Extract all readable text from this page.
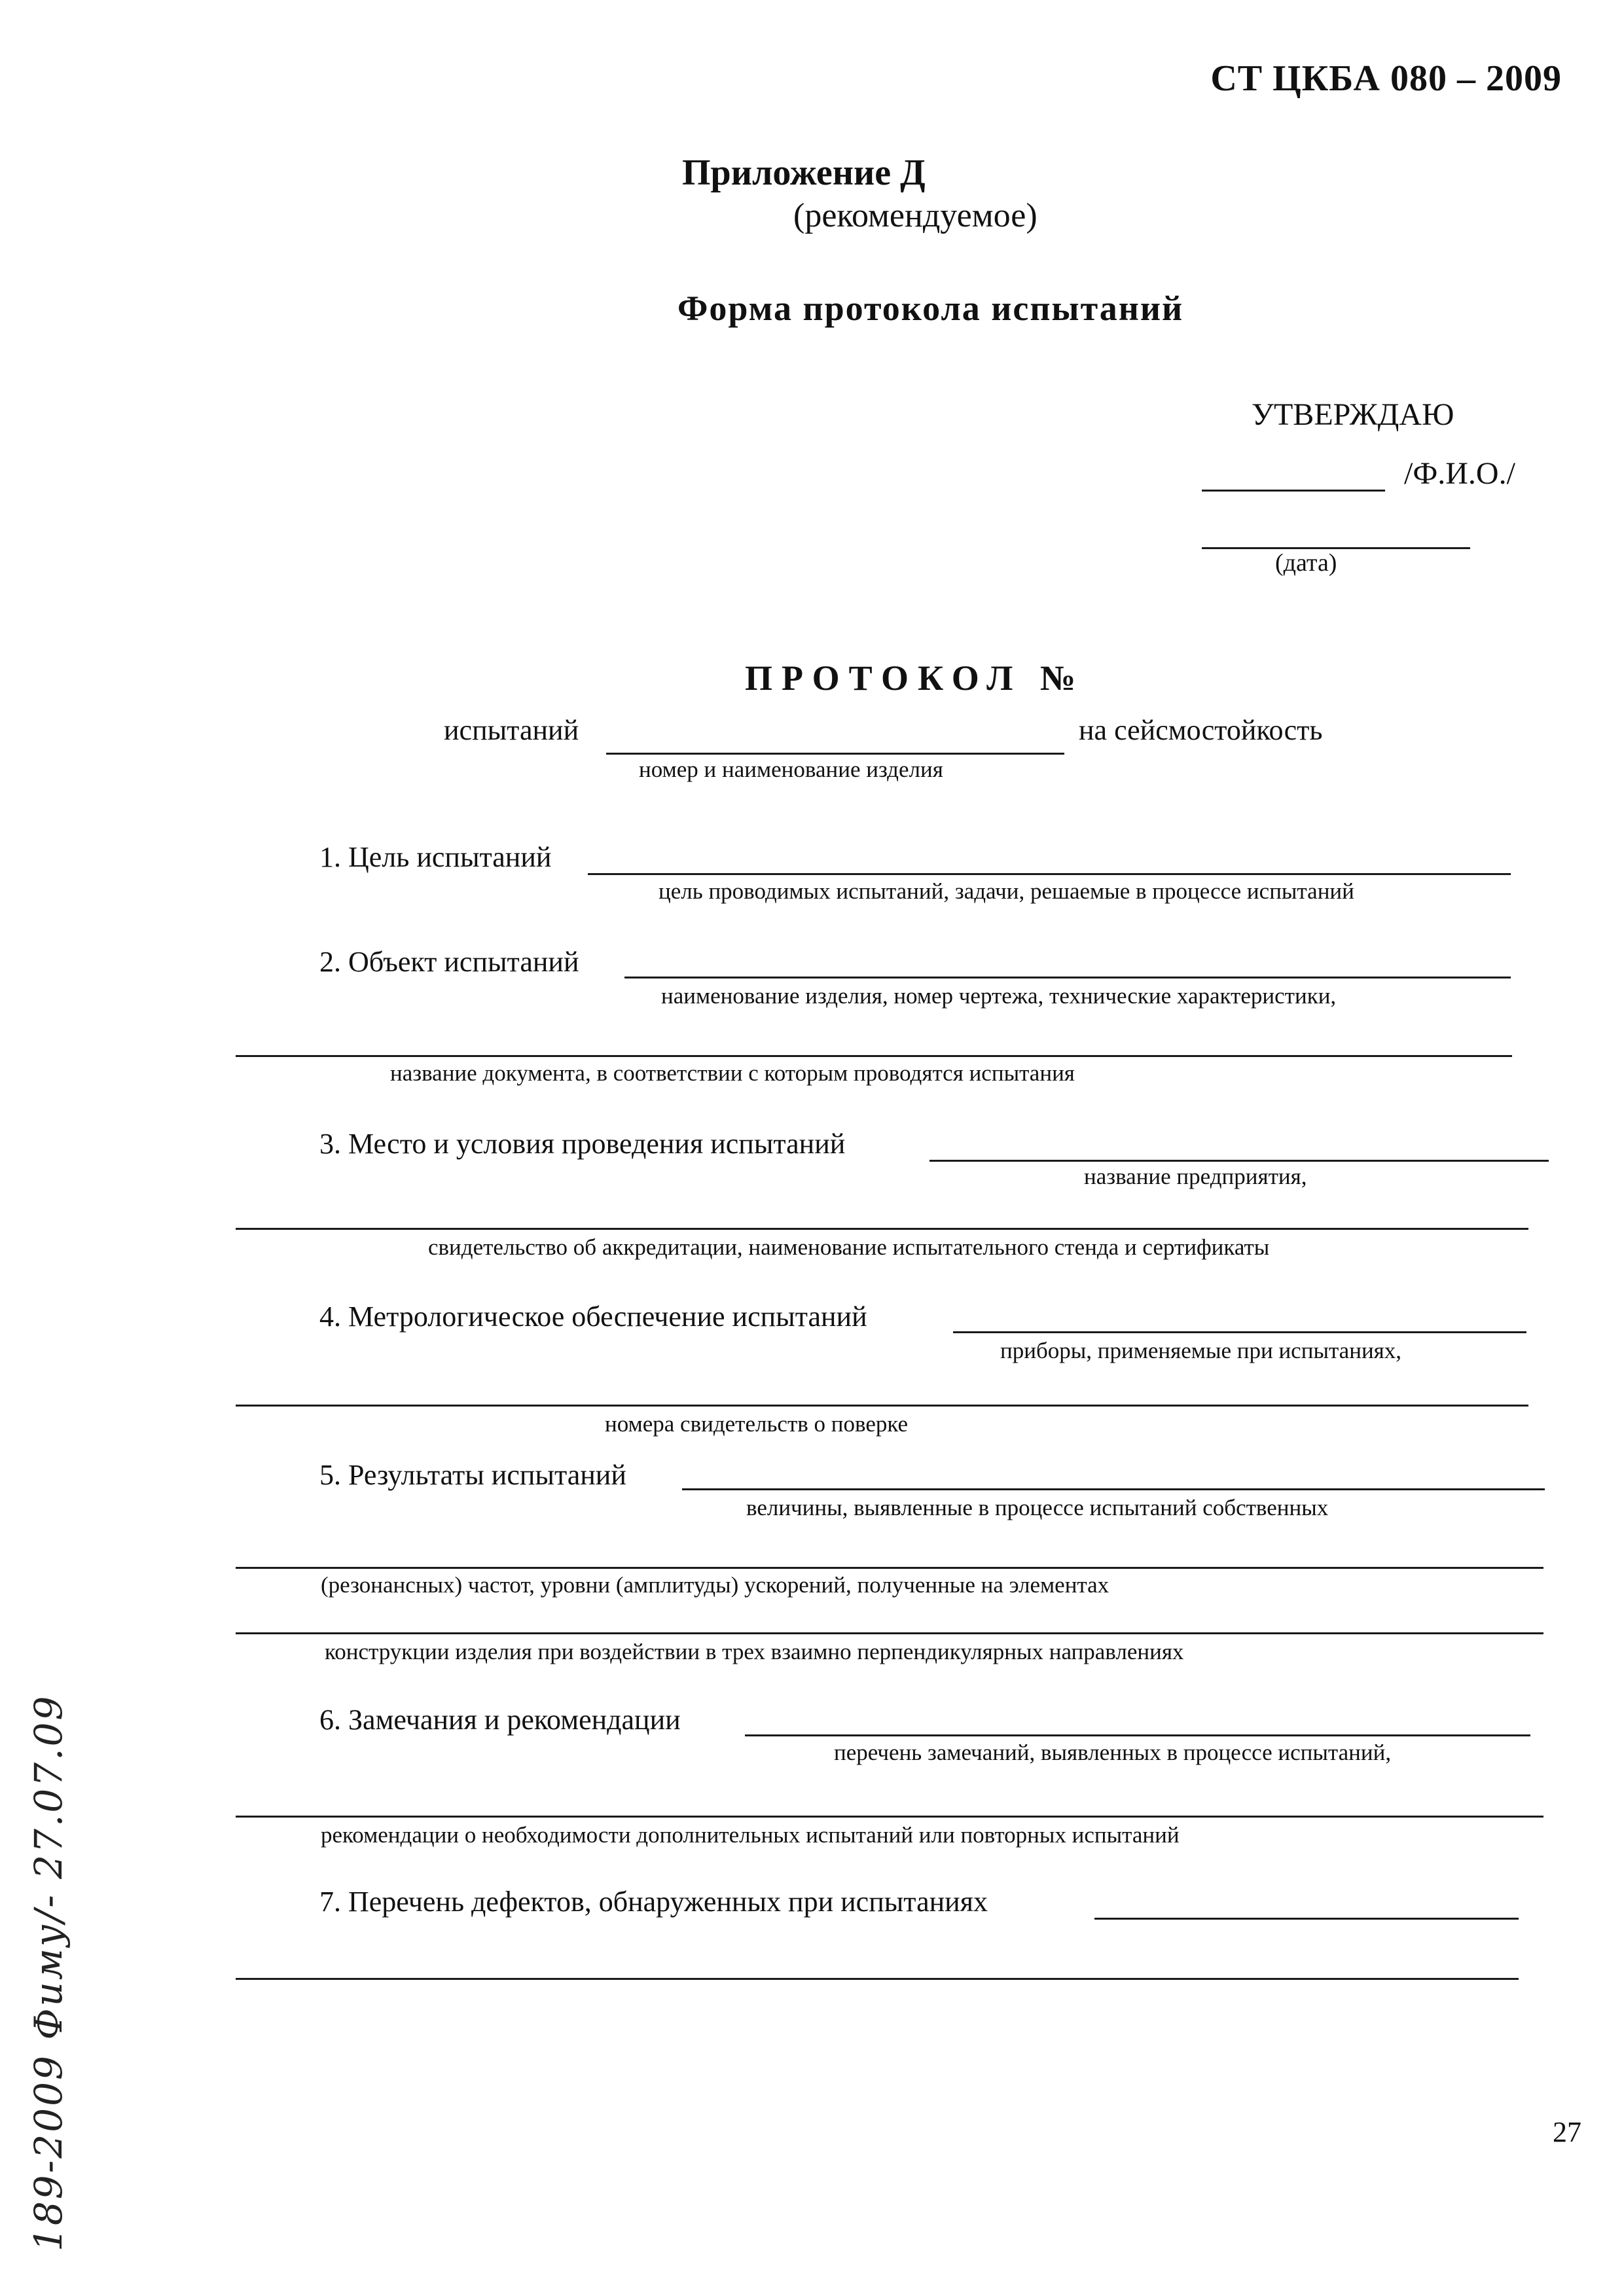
СТ ЦКБА 080 – 2009
Приложение Д
(рекомендуемое)
Форма протокола испытаний
УТВЕРЖДАЮ
/Ф.И.О./
(дата)
ПРОТОКОЛ №
испытаний	на сейсмостойкость
номер и наименование изделия
1. Цель испытаний
цель проводимых испытаний, задачи, решаемые в процессе испытаний
2. Объект испытаний
наименование изделия, номер чертежа, технические характеристики,
название документа, в соответствии с которым проводятся испытания
3. Место и условия проведения испытаний
название предприятия,
свидетельство об аккредитации, наименование испытательного стенда и сертификаты
4. Метрологическое обеспечение испытаний
приборы, применяемые при испытаниях,
номера свидетельств о поверке
5. Результаты испытаний
величины, выявленные в процессе испытаний собственных
(резонансных) частот, уровни (амплитуды) ускорений, полученные на элементах
конструкции изделия при воздействии в трех взаимно перпендикулярных направлениях
6. Замечания и рекомендации
перечень замечаний, выявленных в процессе испытаний,
рекомендации о необходимости дополнительных испытаний или повторных испытаний
7. Перечень дефектов, обнаруженных при испытаниях
189-2009 Фиму/- 27.07.09	27
